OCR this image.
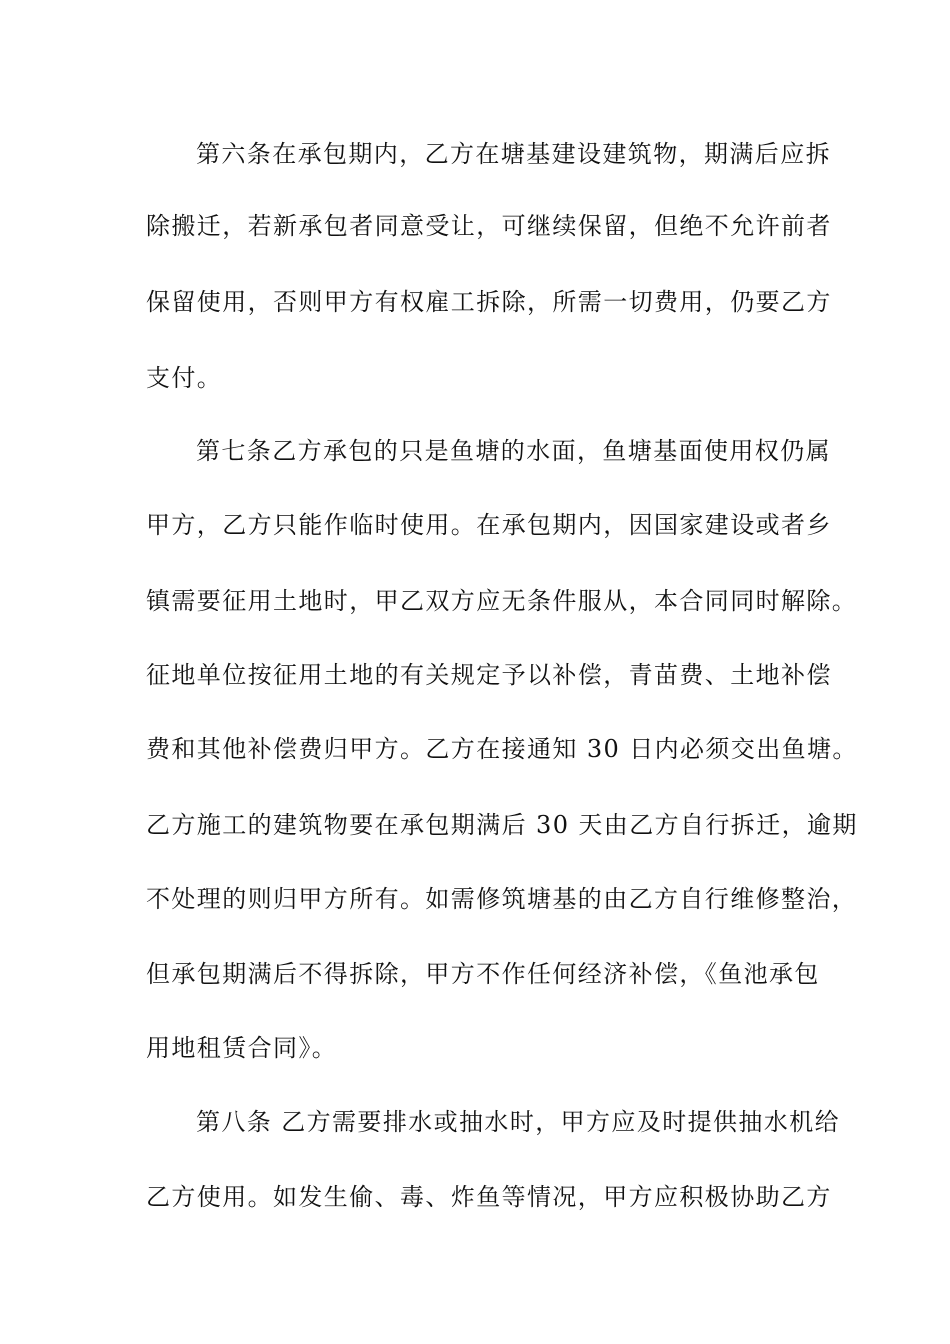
第六条在承包期内，乙方在塘基建设建筑物，期满后应拆
除搬迁，若新承包者同意受让，可继续保留，但绝不允许前者
保留使用，否则甲方有权雇工拆除，所需一切费用，仍要乙方
支付。
第七条乙方承包的只是鱼塘的水面，鱼塘基面使用权仍属
甲方，乙方只能作临时使用。在承包期内，因国家建设或者乡
镇需要征用土地时，甲乙双方应无条件服从，本合同同时解除。
征地单位按征用土地的有关规定予以补偿，青苗费、土地补偿
费和其他补偿费归甲方。乙方在接通知 30 日内必须交出鱼塘。
乙方施工的建筑物要在承包期满后 30 天由乙方自行拆迁，逾期
不处理的则归甲方所有。如需修筑塘基的由乙方自行维修整治，
但承包期满后不得拆除，甲方不作任何经济补偿，《鱼池承包
用地租赁合同》。
第八条 乙方需要排水或抽水时，甲方应及时提供抽水机给
乙方使用。如发生偷、毒、炸鱼等情况，甲方应积极协助乙方
